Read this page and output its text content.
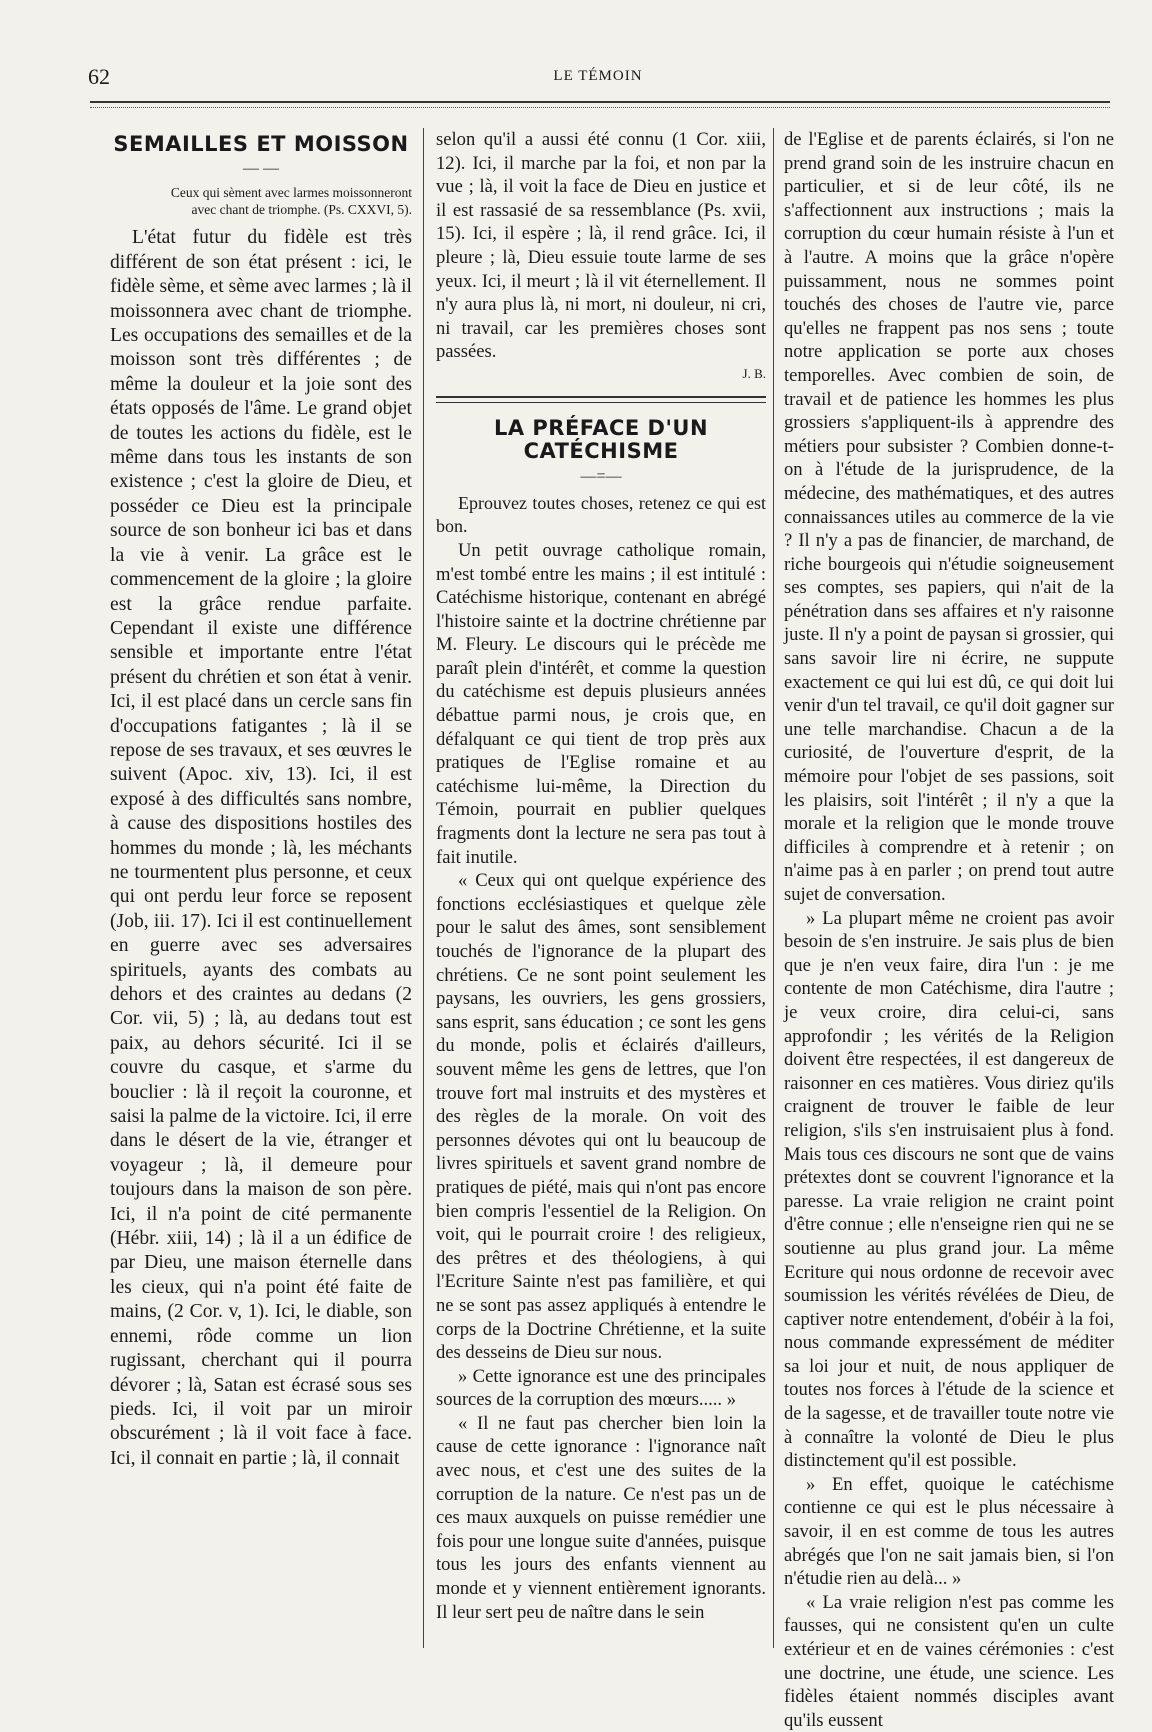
62	LE TÉMOIN
SEMAILLES ET MOISSON
— —
Ceux qui sèment avec larmes moissonneront avec chant de triomphe. (Ps. CXXVI, 5).

L'état futur du fidèle est très différent de son état présent : ici, le fidèle sème, et sème avec larmes ; là il moissonnera avec chant de triomphe. Les occupations des semailles et de la moisson sont très différentes ; de même la douleur et la joie sont des états opposés de l'âme. Le grand objet de toutes les actions du fidèle, est le même dans tous les instants de son existence ; c'est la gloire de Dieu, et posséder ce Dieu est la principale source de son bonheur ici bas et dans la vie à venir. La grâce est le commencement de la gloire ; la gloire est la grâce rendue parfaite. Cependant il existe une différence sensible et importante entre l'état présent du chrétien et son état à venir. Ici, il est placé dans un cercle sans fin d'occupations fatigantes ; là il se repose de ses travaux, et ses œuvres le suivent (Apoc. xiv, 13). Ici, il est exposé à des difficultés sans nombre, à cause des dispositions hostiles des hommes du monde ; là, les méchants ne tourmentent plus personne, et ceux qui ont perdu leur force se reposent (Job, iii. 17). Ici il est continuellement en guerre avec ses adversaires spirituels, ayants des combats au dehors et des craintes au dedans (2 Cor. vii, 5) ; là, au dedans tout est paix, au dehors sécurité. Ici il se couvre du casque, et s'arme du bouclier : là il reçoit la couronne, et saisi la palme de la victoire. Ici, il erre dans le désert de la vie, étranger et voyageur ; là, il demeure pour toujours dans la maison de son père. Ici, il n'a point de cité permanente (Hébr. xiii, 14) ; là il a un édifice de par Dieu, une maison éternelle dans les cieux, qui n'a point été faite de mains, (2 Cor. v, 1). Ici, le diable, son ennemi, rôde comme un lion rugissant, cherchant qui il pourra dévorer ; là, Satan est écrasé sous ses pieds. Ici, il voit par un miroir obscurément ; là il voit face à face. Ici, il connait en partie ; là, il connait

selon qu'il a aussi été connu (1 Cor. xiii, 12). Ici, il marche par la foi, et non par la vue ; là, il voit la face de Dieu en justice et il est rassasié de sa ressemblance (Ps. xvii, 15). Ici, il espère ; là, il rend grâce. Ici, il pleure ; là, Dieu essuie toute larme de ses yeux. Ici, il meurt ; là il vit éternellement. Il n'y aura plus là, ni mort, ni douleur, ni cri, ni travail, car les premières choses sont passées.
J. B.
LA PRÉFACE D'UN CATÉCHISME
—=—

Eprouvez toutes choses, retenez ce qui est bon.

Un petit ouvrage catholique romain, m'est tombé entre les mains ; il est intitulé : Catéchisme historique, contenant en abrégé l'histoire sainte et la doctrine chrétienne par M. Fleury. Le discours qui le précède me paraît plein d'intérêt, et comme la question du catéchisme est depuis plusieurs années débattue parmi nous, je crois que, en défalquant ce qui tient de trop près aux pratiques de l'Eglise romaine et au catéchisme lui-même, la Direction du Témoin, pourrait en publier quelques fragments dont la lecture ne sera pas tout à fait inutile.

« Ceux qui ont quelque expérience des fonctions ecclésiastiques et quelque zèle pour le salut des âmes, sont sensiblement touchés de l'ignorance de la plupart des chrétiens. Ce ne sont point seulement les paysans, les ouvriers, les gens grossiers, sans esprit, sans éducation ; ce sont les gens du monde, polis et éclairés d'ailleurs, souvent même les gens de lettres, que l'on trouve fort mal instruits et des mystères et des règles de la morale. On voit des personnes dévotes qui ont lu beaucoup de livres spirituels et savent grand nombre de pratiques de piété, mais qui n'ont pas encore bien compris l'essentiel de la Religion. On voit, qui le pourrait croire ! des religieux, des prêtres et des théologiens, à qui l'Ecriture Sainte n'est pas familière, et qui ne se sont pas assez appliqués à entendre le corps de la Doctrine Chrétienne, et la suite des desseins de Dieu sur nous.

» Cette ignorance est une des principales sources de la corruption des mœurs..... »

« Il ne faut pas chercher bien loin la cause de cette ignorance : l'ignorance naît avec nous, et c'est une des suites de la corruption de la nature. Ce n'est pas un de ces maux auxquels on puisse remédier une fois pour une longue suite d'années, puisque tous les jours des enfants viennent au monde et y viennent entièrement ignorants. Il leur sert peu de naître dans le sein

de l'Eglise et de parents éclairés, si l'on ne prend grand soin de les instruire chacun en particulier, et si de leur côté, ils ne s'affectionnent aux instructions ; mais la corruption du cœur humain résiste à l'un et à l'autre. A moins que la grâce n'opère puissamment, nous ne sommes point touchés des choses de l'autre vie, parce qu'elles ne frappent pas nos sens ; toute notre application se porte aux choses temporelles. Avec combien de soin, de travail et de patience les hommes les plus grossiers s'appliquent-ils à apprendre des métiers pour subsister ? Combien donne-t-on à l'étude de la jurisprudence, de la médecine, des mathématiques, et des autres connaissances utiles au commerce de la vie ? Il n'y a pas de financier, de marchand, de riche bourgeois qui n'étudie soigneusement ses comptes, ses papiers, qui n'ait de la pénétration dans ses affaires et n'y raisonne juste. Il n'y a point de paysan si grossier, qui sans savoir lire ni écrire, ne suppute exactement ce qui lui est dû, ce qui doit lui venir d'un tel travail, ce qu'il doit gagner sur une telle marchandise. Chacun a de la curiosité, de l'ouverture d'esprit, de la mémoire pour l'objet de ses passions, soit les plaisirs, soit l'intérêt ; il n'y a que la morale et la religion que le monde trouve difficiles à comprendre et à retenir ; on n'aime pas à en parler ; on prend tout autre sujet de conversation.

» La plupart même ne croient pas avoir besoin de s'en instruire. Je sais plus de bien que je n'en veux faire, dira l'un : je me contente de mon Catéchisme, dira l'autre ; je veux croire, dira celui-ci, sans approfondir ; les vérités de la Religion doivent être respectées, il est dangereux de raisonner en ces matières. Vous diriez qu'ils craignent de trouver le faible de leur religion, s'ils s'en instruisaient plus à fond. Mais tous ces discours ne sont que de vains prétextes dont se couvrent l'ignorance et la paresse. La vraie religion ne craint point d'être connue ; elle n'enseigne rien qui ne se soutienne au plus grand jour. La même Ecriture qui nous ordonne de recevoir avec soumission les vérités révélées de Dieu, de captiver notre entendement, d'obéir à la foi, nous commande expressément de méditer sa loi jour et nuit, de nous appliquer de toutes nos forces à l'étude de la science et de la sagesse, et de travailler toute notre vie à connaître la volonté de Dieu le plus distinctement qu'il est possible.

» En effet, quoique le catéchisme contienne ce qui est le plus nécessaire à savoir, il en est comme de tous les autres abrégés que l'on ne sait jamais bien, si l'on n'étudie rien au delà... »

« La vraie religion n'est pas comme les fausses, qui ne consistent qu'en un culte extérieur et en de vaines cérémonies : c'est une doctrine, une étude, une science. Les fidèles étaient nommés disciples avant qu'ils eussent
